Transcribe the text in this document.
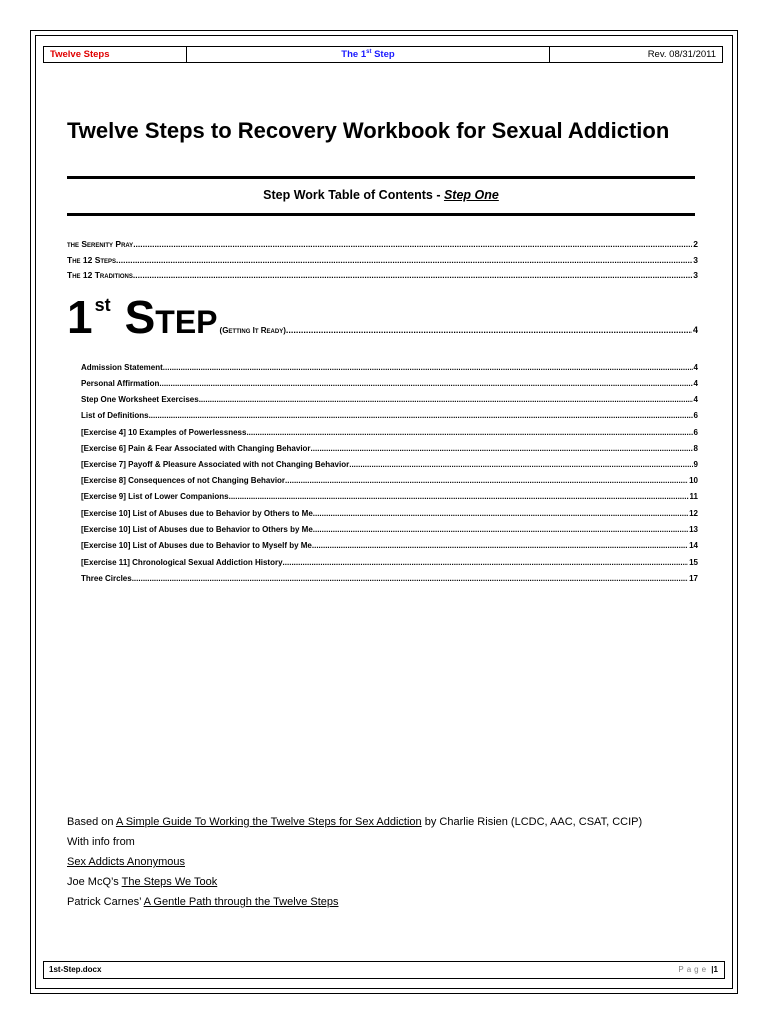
Twelve Steps	The 1st Step	Rev. 08/31/2011
Twelve Steps to Recovery Workbook for Sexual Addiction
Step Work Table of Contents - Step One
the Serenity Pray .....	2
The 12 Steps .....	3
The 12 Traditions .....	3
1 st Step (Getting It Ready) .....	4
Admission Statement .....	4
Personal Affirmation .....	4
Step One Worksheet Exercises .....	4
List of Definitions .....	6
[Exercise 4] 10 Examples of Powerlessness .....	6
[Exercise 6] Pain & Fear Associated with Changing Behavior .....	8
[Exercise 7] Payoff & Pleasure Associated with not Changing Behavior .....	9
[Exercise 8] Consequences of not Changing Behavior .....	10
[Exercise 9] List of Lower Companions .....	11
[Exercise 10] List of Abuses due to Behavior by Others to Me .....	12
[Exercise 10] List of Abuses due to Behavior to Others by Me .....	13
[Exercise 10] List of Abuses due to Behavior to Myself by Me .....	14
[Exercise 11] Chronological Sexual Addiction History .....	15
Three Circles .....	17
Based on A Simple Guide To Working the Twelve Steps for Sex Addiction by Charlie Risien (LCDC, AAC, CSAT, CCIP)
With info from
Sex Addicts Anonymous
Joe McQ’s The Steps We Took
Patrick Carnes’ A Gentle Path through the Twelve Steps
1st-Step.docx	Page |1
